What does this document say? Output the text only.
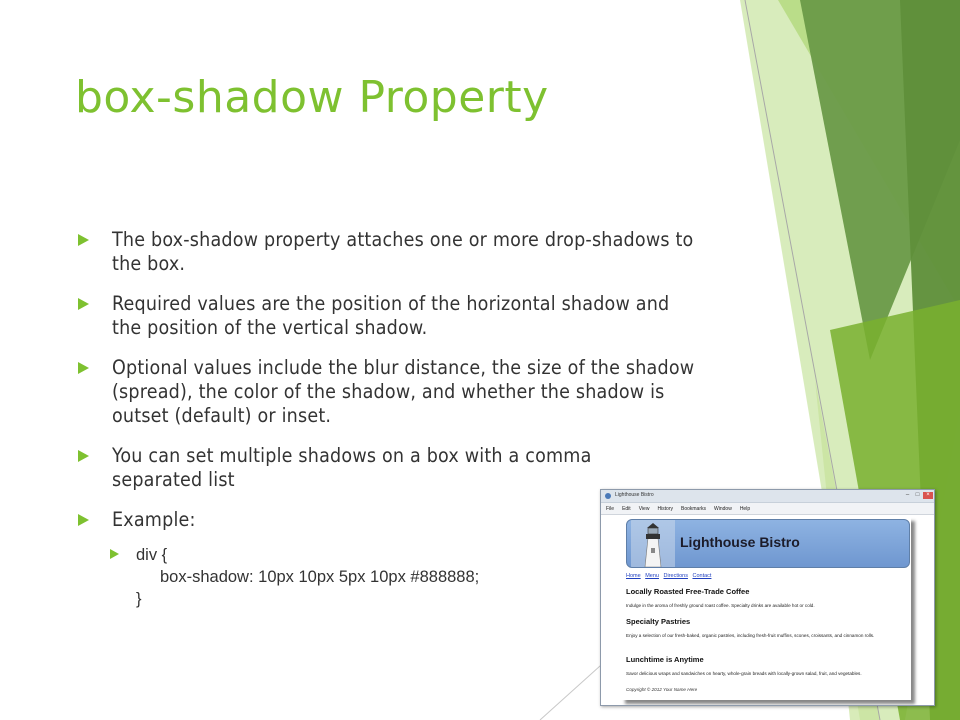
box-shadow Property
The box-shadow property attaches one or more drop-shadows to the box.
Required values are the position of the horizontal shadow and the position of the vertical shadow.
Optional values include the blur distance, the size of the shadow (spread), the color of the shadow, and whether the shadow is outset (default) or inset.
You can set multiple shadows on a box with a comma separated list
Example:
div {
box-shadow: 10px 10px 5px 10px #888888;
}
Lighthouse Bistro	–	□	×
File Edit View History Bookmarks Window Help
Lighthouse Bistro
Home Menu Directions Contact
Locally Roasted Free-Trade Coffee
Indulge in the aroma of freshly ground roast coffee. Specialty drinks are available hot or cold.
Specialty Pastries
Enjoy a selection of our fresh-baked, organic pastries, including fresh-fruit muffins, scones, croissants, and cinnamon rolls.
Lunchtime is Anytime
Savor delicious wraps and sandwiches on hearty, whole-grain breads with locally-grown salad, fruit, and vegetables.
Copyright © 2012 Your Name Here
